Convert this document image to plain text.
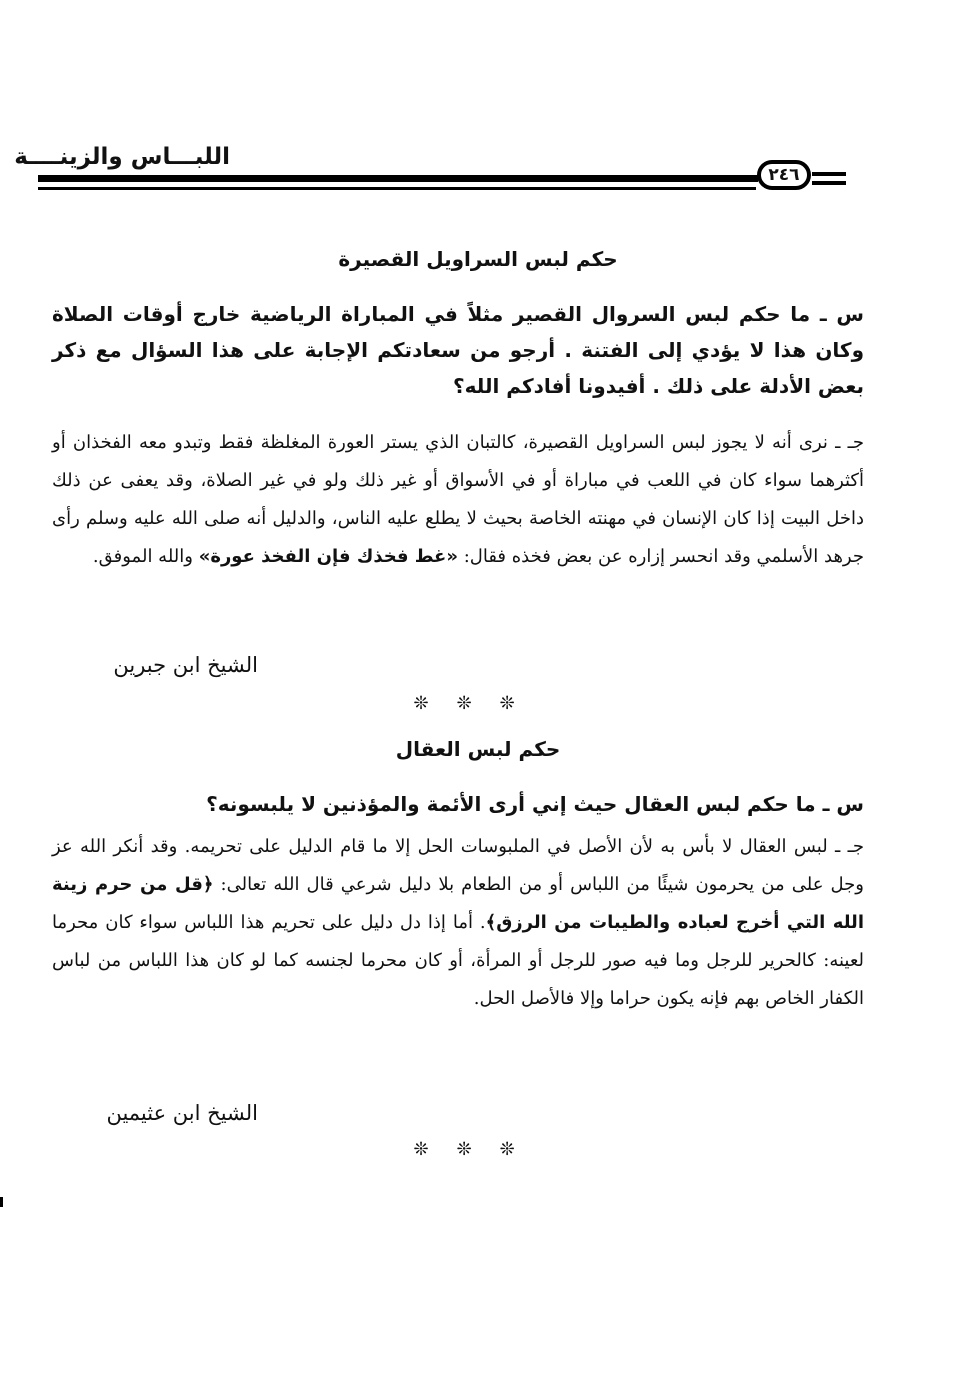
اللبـــاس والزينــــة
٢٤٦
حكم لبس السراويل القصيرة
س ـ ما حكم لبس السروال القصير مثلاً في المباراة الرياضية خارج أوقات الصلاة وكان هذا لا يؤدي إلى الفتنة . أرجو من سعادتكم الإجابة على هذا السؤال مع ذكر بعض الأدلة على ذلك . أفيدونا أفادكم الله؟
جـ ـ نرى أنه لا يجوز لبس السراويل القصيرة، كالتبان الذي يستر العورة المغلظة فقط وتبدو معه الفخذان أو أكثرهما سواء كان في اللعب في مباراة أو في الأسواق أو غير ذلك ولو في غير الصلاة، وقد يعفى عن ذلك داخل البيت إذا كان الإنسان في مهنته الخاصة بحيث لا يطلع عليه الناس، والدليل أنه صلى الله عليه وسلم رأى جرهد الأسلمي وقد انحسر إزاره عن بعض فخذه فقال: «غط فخذك فإن الفخذ عورة» والله الموفق.
الشيخ ابن جبرين
❊❊❊
حكم لبس العقال
س ـ ما حكم لبس العقال حيث إني أرى الأئمة والمؤذنين لا يلبسونه؟
جـ ـ لبس العقال لا بأس به لأن الأصل في الملبوسات الحل إلا ما قام الدليل على تحريمه. وقد أنكر الله عز وجل على من يحرمون شيئًا من اللباس أو من الطعام بلا دليل شرعي قال الله تعالى: ﴿قل من حرم زينة الله التي أخرج لعباده والطيبات من الرزق﴾. أما إذا دل دليل على تحريم هذا اللباس سواء كان محرما لعينه: كالحرير للرجل وما فيه صور للرجل أو المرأة، أو كان محرما لجنسه كما لو كان هذا اللباس من لباس الكفار الخاص بهم فإنه يكون حراما وإلا فالأصل الحل.
الشيخ ابن عثيمين
❊❊❊
